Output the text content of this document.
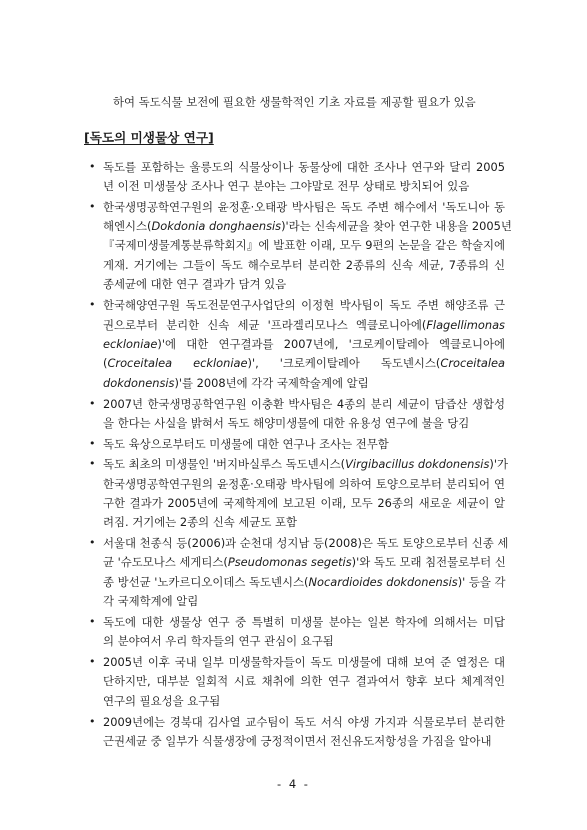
하여 독도식물 보전에 필요한 생물학적인 기초 자료를 제공할 필요가 있음
[독도의 미생물상 연구]
• 독도를 포함하는 울릉도의 식물상이나 동물상에 대한 조사나 연구와 달리 2005
년 이전 미생물상 조사나 연구 분야는 그야말로 전무 상태로 방치되어 있음
• 한국생명공학연구원의 윤정훈·오태광 박사팀은 독도 주변 해수에서 '독도니아 동
해엔시스(Dokdonia donghaensis)'라는 신속세균을 찾아 연구한 내용을 2005년
『국제미생물계통분류학회지』에 발표한 이래, 모두 9편의 논문을 같은 학술지에
게재. 거기에는 그들이 독도 해수로부터 분리한 2종류의 신속 세균, 7종류의 신
종세균에 대한 연구 결과가 담겨 있음
• 한국해양연구원 독도전문연구사업단의 이정현 박사팀이 독도 주변 해양조류 근
권으로부터 분리한 신속 세균 '프라겔리모나스 엑클로니아에(Flagellimonas
eckloniae)'에 대한 연구결과를 2007년에, '크로케이탈레아 엑클로니아에
(Croceitalea eckloniae)', '크로케이탈레아 독도넨시스(Croceitalea
dokdonensis)'를 2008년에 각각 국제학술계에 알림
• 2007년 한국생명공학연구원 이충환 박사팀은 4종의 분리 세균이 담즙산 생합성
을 한다는 사실을 밝혀서 독도 해양미생물에 대한 유용성 연구에 불을 당김
• 독도 육상으로부터도 미생물에 대한 연구나 조사는 전무함
• 독도 최초의 미생물인 '버지바실루스 독도넨시스(Virgibacillus dokdonensis)'가
한국생명공학연구원의 윤정훈·오태광 박사팀에 의하여 토양으로부터 분리되어 연
구한 결과가 2005년에 국제학계에 보고된 이래, 모두 26종의 새로운 세균이 알
려짐. 거기에는 2종의 신속 세균도 포함
• 서울대 천종식 등(2006)과 순천대 성지남 등(2008)은 독도 토양으로부터 신종 세
균 '슈도모나스 세게티스(Pseudomonas segetis)'와 독도 모래 침전물로부터 신
종 방선균 '노카르디오이데스 독도넨시스(Nocardioides dokdonensis)' 등을 각
각 국제학계에 알림
• 독도에 대한 생물상 연구 중 특별히 미생물 분야는 일본 학자에 의해서는 미답
의 분야여서 우리 학자들의 연구 관심이 요구됨
• 2005년 이후 국내 일부 미생물학자들이 독도 미생물에 대해 보여 준 열정은 대
단하지만, 대부분 일회적 시료 채취에 의한 연구 결과여서 향후 보다 체계적인
연구의 필요성을 요구됨
• 2009년에는 경북대 김사열 교수팀이 독도 서식 야생 가지과 식물로부터 분리한
근권세균 중 일부가 식물생장에 긍정적이면서 전신유도저항성을 가짐을 알아내
- 4 -
